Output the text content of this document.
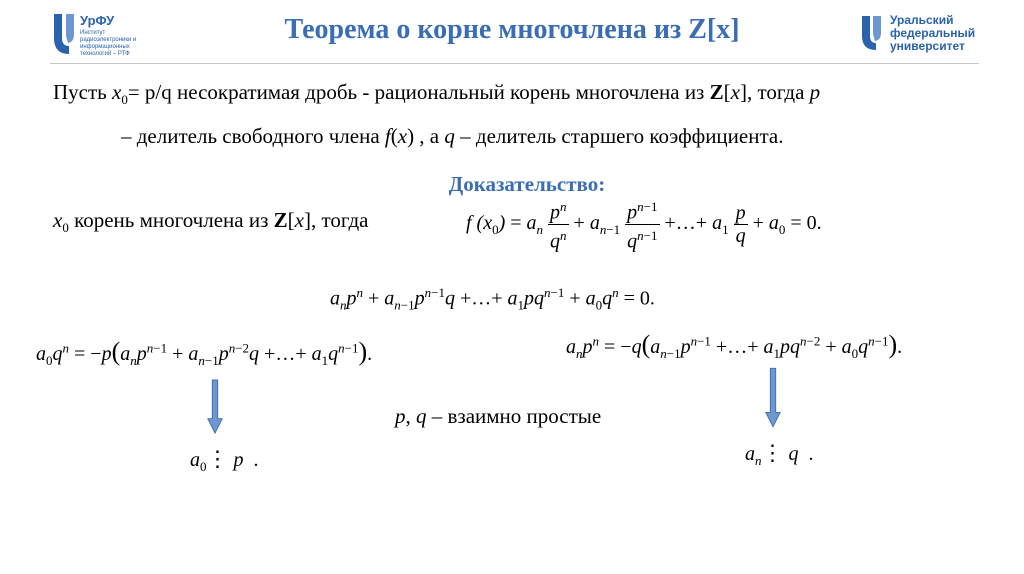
УрФУ
Институт радиоэлектроники и информационных технологий – РТФ
Теорема о корне многочлена из Z[x]	Уральский
федеральный
университет
Пусть $x_0= p/q$ несократимая дробь - рациональный корень многочлена из Z[x], тогда p
– делитель свободного члена f(x) , а q – делитель старшего коэффициента.
Доказательство:
$x_0$ корень многочлена из Z[x], тогда	f $(x_0) = a_n \frac{p^n}{q^n} + a_{n-1} \frac{p^{n-1}}{q^{n-1}}$ +…+ $a_1 \frac{p}{q} + a_0 = 0$.
$a_np^n + a_{n-1}p^{n-1}q$ +…+ $a_1pq^{n-1} + a_0q^n = 0$.
$a_0q^n = -p(a_np^{n-1} + a_{n-1}p^{n-2}q$ +…+ $a_1q^{n-1}$).	$a_np^n = -q(a_{n-1}p^{n-1}$ +…+ $a_1pq^{n-2} + a_0q^{n-1}$).
p, q – взаимно простые
$a_0⋮$ p  .	$a_n⋮$ q  .
